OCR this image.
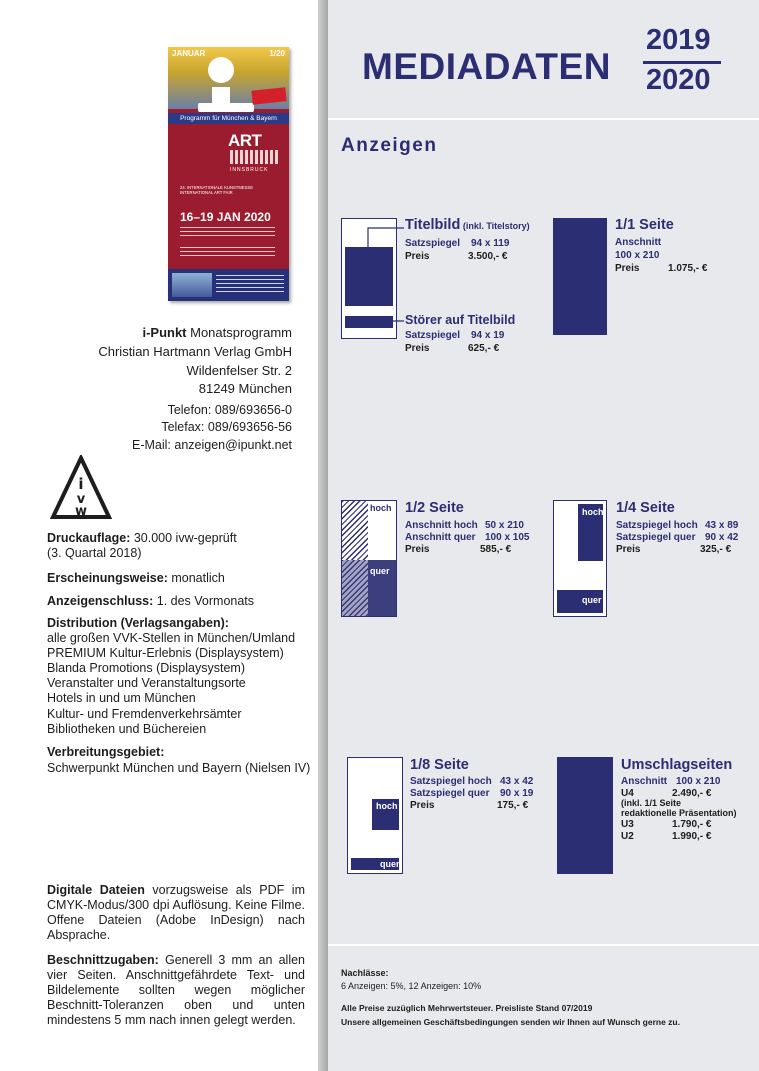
MEDIADATEN
2019
2020
Anzeigen
JANUAR	1/20
Programm für München & Bayern
ART
INNSBRUCK
24. INTERNATIONALE KUNSTMESSE INTERNATIONAL ART FAIR
16–19 JAN 2020
i-Punkt Monatsprogramm
Christian Hartmann Verlag GmbH
Wildenfelser Str. 2
81249 München
Telefon: 089/693656-0
Telefax: 089/693656-56
E-Mail: anzeigen@ipunkt.net
i
v
w
Druckauflage: 30.000 ivw-geprüft
(3. Quartal 2018)
Erscheinungsweise: monatlich
Anzeigenschluss: 1. des Vormonats
Distribution (Verlagsangaben):
alle großen VVK-Stellen in München/Umland
PREMIUM Kultur-Erlebnis (Displaysystem)
Blanda Promotions (Displaysystem)
Veranstalter und Veranstaltungsorte
Hotels in und um München
Kultur- und Fremdenverkehrsämter
Bibliotheken und Büchereien
Verbreitungsgebiet:
Schwerpunkt München und Bayern (Nielsen IV)
Digitale Dateien vorzugsweise als PDF im CMYK-Modus/300 dpi Auflösung. Keine Filme. Offene Dateien (Adobe InDesign) nach Absprache.
Beschnittzugaben: Generell 3 mm an allen vier Seiten. Anschnittgefährdete Text- und Bildelemente sollten wegen möglicher Beschnitt-Toleranzen oben und unten mindestens 5 mm nach innen gelegt werden.
Titelbild (inkl. Titelstory)
Satzspiegel 94 x 119
Preis	3.500,- €
Störer auf Titelbild
Satzspiegel 94 x 19
Preis	625,- €
1/1 Seite
Anschnitt
100 x 210
Preis	1.075,- €
hoch
quer
1/2 Seite
Anschnitt hoch 50 x 210
Anschnitt quer 100 x 105
Preis	585,- €
hoch
quer
1/4 Seite
Satzspiegel hoch 43 x 89
Satzspiegel quer 90 x 42
Preis	325,- €
hoch
quer
1/8 Seite
Satzspiegel hoch 43 x 42
Satzspiegel quer 90 x 19
Preis	175,- €
Umschlagseiten
Anschnitt 100 x 210
U4	2.490,- €
(inkl. 1/1 Seite
redaktionelle Präsentation)
U3	1.790,- €
U2	1.990,- €
Nachlässe:
6 Anzeigen: 5%, 12 Anzeigen: 10%
Alle Preise zuzüglich Mehrwertsteuer. Preisliste Stand 07/2019
Unsere allgemeinen Geschäftsbedingungen senden wir Ihnen auf Wunsch gerne zu.
